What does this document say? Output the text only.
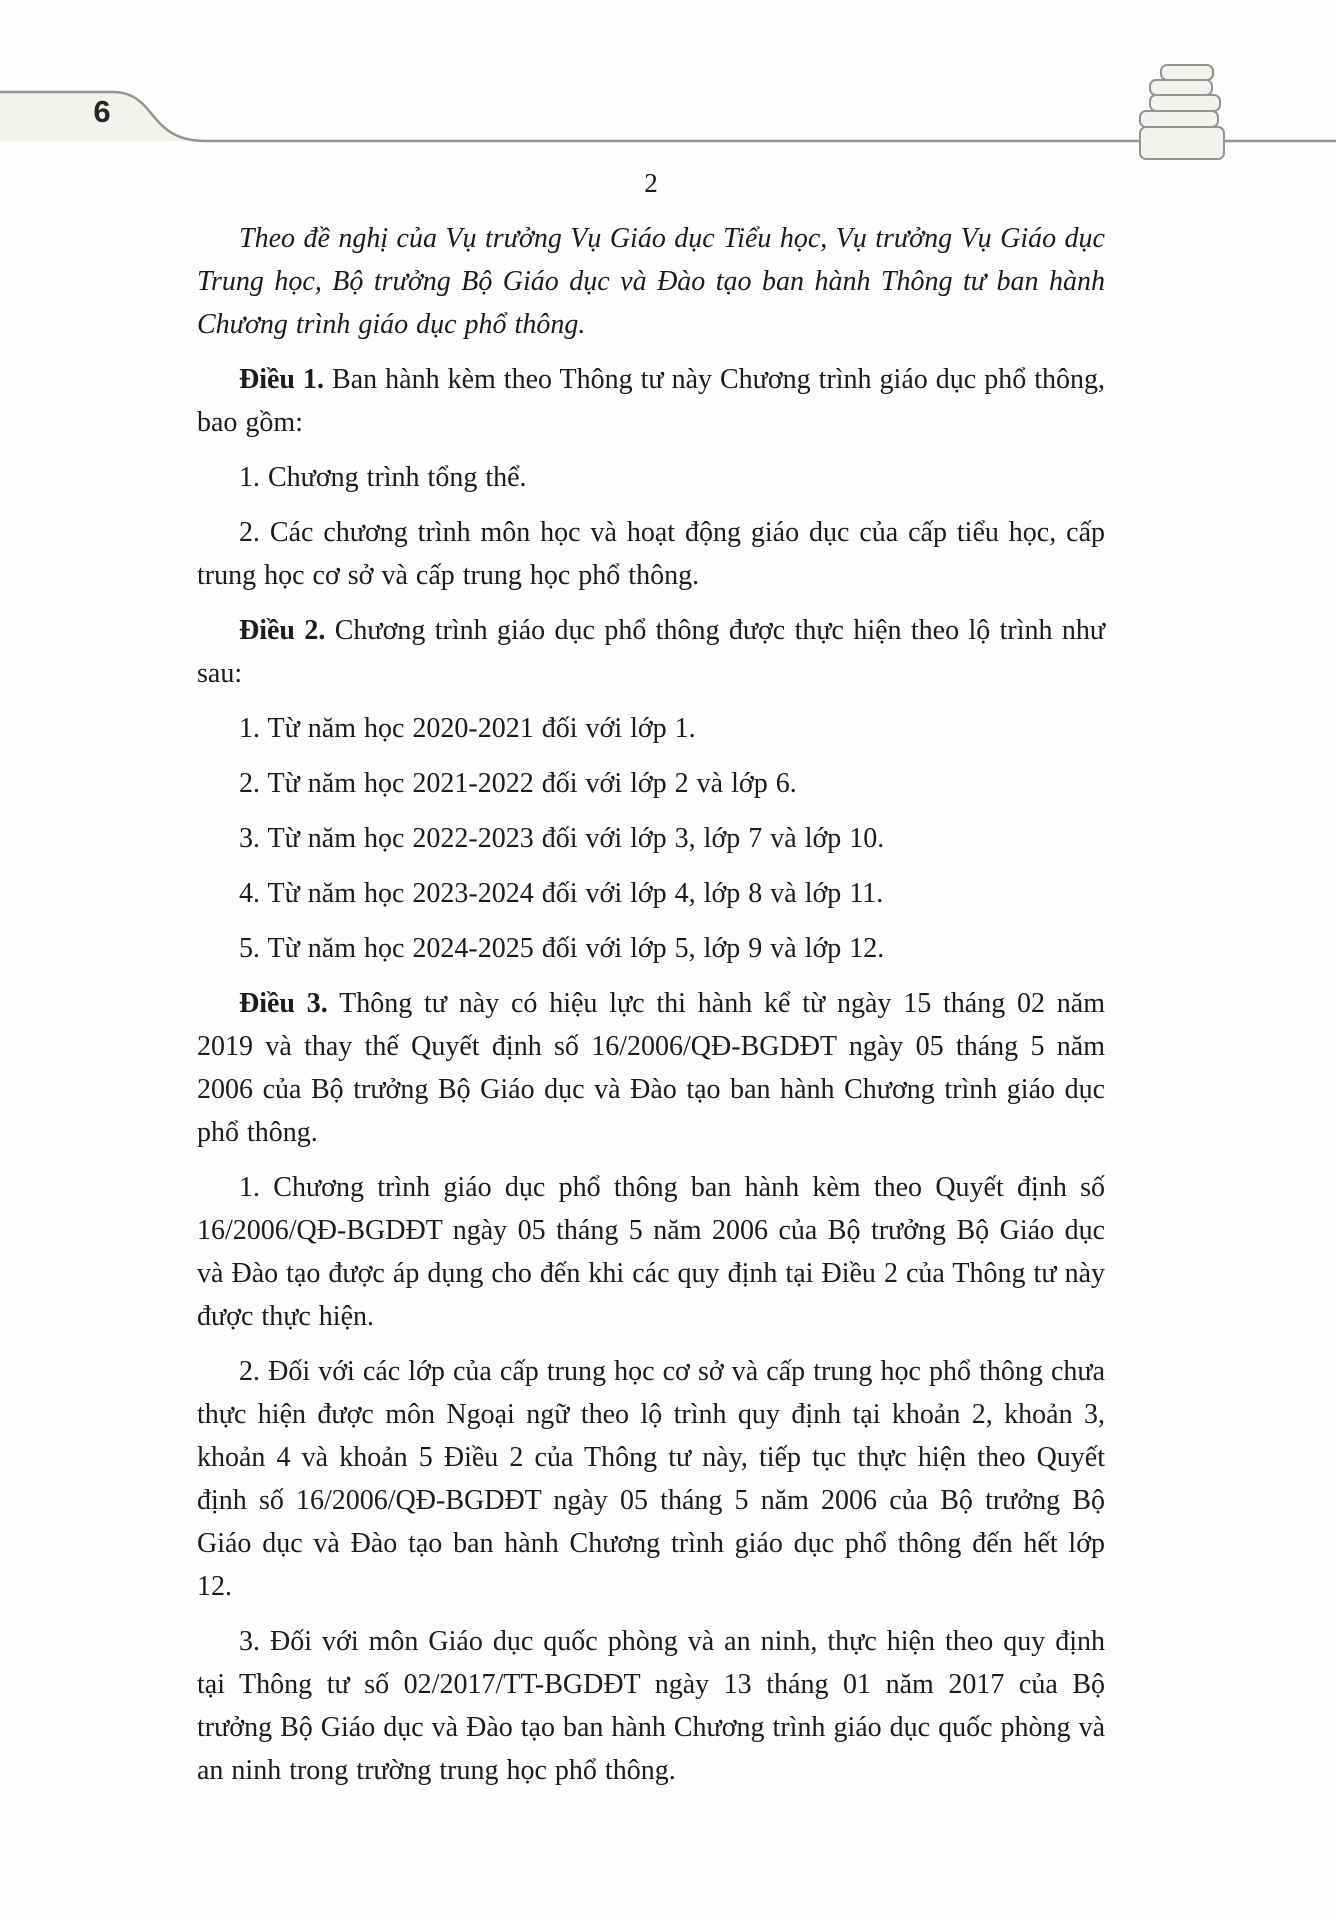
6
2

Theo đề nghị của Vụ trưởng Vụ Giáo dục Tiểu học, Vụ trưởng Vụ Giáo dục Trung học, Bộ trưởng Bộ Giáo dục và Đào tạo ban hành Thông tư ban hành Chương trình giáo dục phổ thông.

Điều 1. Ban hành kèm theo Thông tư này Chương trình giáo dục phổ thông, bao gồm:

1. Chương trình tổng thể.

2. Các chương trình môn học và hoạt động giáo dục của cấp tiểu học, cấp trung học cơ sở và cấp trung học phổ thông.

Điều 2. Chương trình giáo dục phổ thông được thực hiện theo lộ trình như sau:

1. Từ năm học 2020-2021 đối với lớp 1.

2. Từ năm học 2021-2022 đối với lớp 2 và lớp 6.

3. Từ năm học 2022-2023 đối với lớp 3, lớp 7 và lớp 10.

4. Từ năm học 2023-2024 đối với lớp 4, lớp 8 và lớp 11.

5. Từ năm học 2024-2025 đối với lớp 5, lớp 9 và lớp 12.

Điều 3. Thông tư này có hiệu lực thi hành kể từ ngày 15 tháng 02 năm 2019 và thay thế Quyết định số 16/2006/QĐ-BGDĐT ngày 05 tháng 5 năm 2006 của Bộ trưởng Bộ Giáo dục và Đào tạo ban hành Chương trình giáo dục phổ thông.

1. Chương trình giáo dục phổ thông ban hành kèm theo Quyết định số 16/2006/QĐ-BGDĐT ngày 05 tháng 5 năm 2006 của Bộ trưởng Bộ Giáo dục và Đào tạo được áp dụng cho đến khi các quy định tại Điều 2 của Thông tư này được thực hiện.

2. Đối với các lớp của cấp trung học cơ sở và cấp trung học phổ thông chưa thực hiện được môn Ngoại ngữ theo lộ trình quy định tại khoản 2, khoản 3, khoản 4 và khoản 5 Điều 2 của Thông tư này, tiếp tục thực hiện theo Quyết định số 16/2006/QĐ-BGDĐT ngày 05 tháng 5 năm 2006 của Bộ trưởng Bộ Giáo dục và Đào tạo ban hành Chương trình giáo dục phổ thông đến hết lớp 12.

3. Đối với môn Giáo dục quốc phòng và an ninh, thực hiện theo quy định tại Thông tư số 02/2017/TT-BGDĐT ngày 13 tháng 01 năm 2017 của Bộ trưởng Bộ Giáo dục và Đào tạo ban hành Chương trình giáo dục quốc phòng và an ninh trong trường trung học phổ thông.
